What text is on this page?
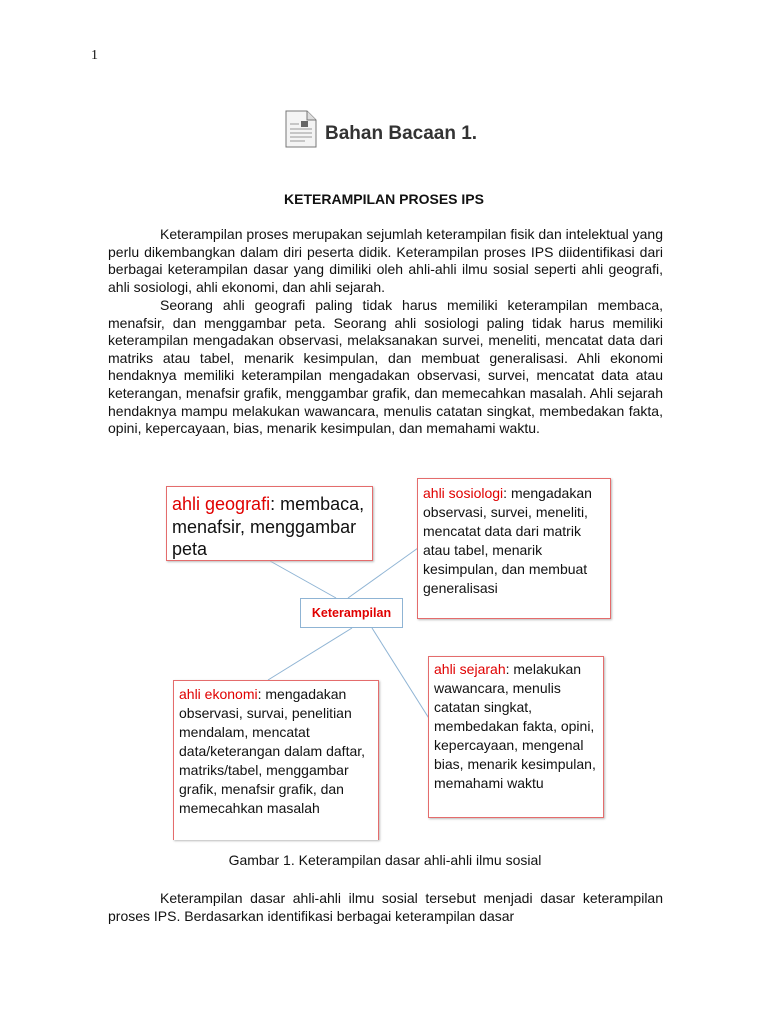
1
Bahan Bacaan 1.
KETERAMPILAN PROSES IPS

Keterampilan proses merupakan sejumlah keterampilan fisik dan intelektual yang perlu dikembangkan dalam diri peserta didik. Keterampilan proses IPS diidentifikasi dari berbagai keterampilan dasar yang dimiliki oleh ahli-ahli ilmu sosial seperti ahli geografi, ahli sosiologi, ahli ekonomi, dan ahli sejarah.

Seorang ahli geografi paling tidak harus memiliki keterampilan membaca, menafsir, dan menggambar peta. Seorang ahli sosiologi paling tidak harus memiliki keterampilan mengadakan observasi, melaksanakan survei, meneliti, mencatat data dari matriks atau tabel, menarik kesimpulan, dan membuat generalisasi. Ahli ekonomi hendaknya memiliki keterampilan mengadakan observasi, survei, mencatat data atau keterangan, menafsir grafik, menggambar grafik, dan memecahkan masalah. Ahli sejarah hendaknya mampu melakukan wawancara, menulis catatan singkat, membedakan fakta, opini, kepercayaan, bias, menarik kesimpulan, dan memahami waktu.

ahli geografi: membaca, menafsir, menggambar peta
ahli sosiologi: mengadakan observasi, survei, meneliti, mencatat data dari matrik atau tabel, menarik kesimpulan, dan membuat generalisasi
Keterampilan
ahli ekonomi: mengadakan observasi, survai, penelitian mendalam, mencatat data/keterangan dalam daftar, matriks/tabel, menggambar grafik, menafsir grafik, dan memecahkan masalah
ahli sejarah: melakukan wawancara, menulis catatan singkat, membedakan fakta, opini, kepercayaan, mengenal bias, menarik kesimpulan, memahami waktu
Gambar 1. Keterampilan dasar ahli-ahli ilmu sosial

Keterampilan dasar ahli-ahli ilmu sosial tersebut menjadi dasar keterampilan proses IPS. Berdasarkan identifikasi berbagai keterampilan dasar
